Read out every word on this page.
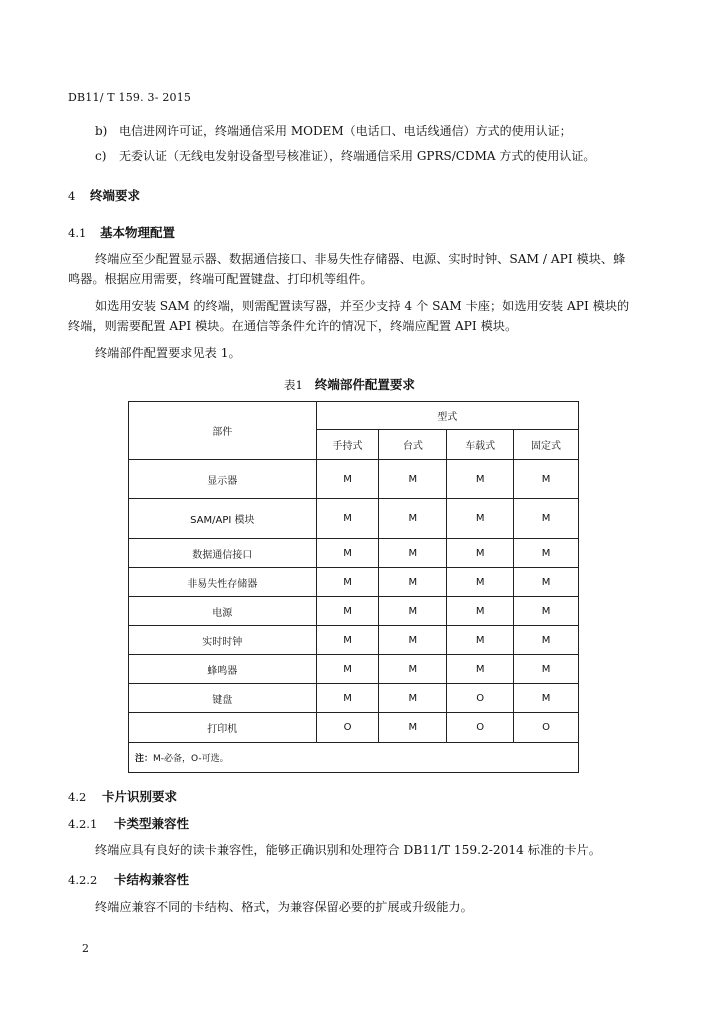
DB11/ T 159. 3- 2015
b) 电信进网许可证，终端通信采用 MODEM（电话口、电话线通信）方式的使用认证；
c) 无委认证（无线电发射设备型号核准证），终端通信采用 GPRS/CDMA 方式的使用认证。
4 终端要求
4.1 基本物理配置
终端应至少配置显示器、数据通信接口、非易失性存储器、电源、实时时钟、SAM / API 模块、蜂
鸣器。根据应用需要，终端可配置键盘、打印机等组件。
如选用安装 SAM 的终端，则需配置读写器，并至少支持 4 个 SAM 卡座；如选用安装 API 模块的
终端，则需要配置 API 模块。在通信等条件允许的情况下，终端应配置 API 模块。
终端部件配置要求见表 1。
表1 终端部件配置要求
部件	型式			
	手持式	台式	车载式	固定式
显示器	M	M	M	M
SAM/API 模块	M	M	M	M
数据通信接口	M	M	M	M
非易失性存储器	M	M	M	M
电源	M	M	M	M
实时时钟	M	M	M	M
蜂鸣器	M	M	M	M
键盘	M	M	O	M
打印机	O	M	O	O
注：M-必备，O-可选。				
4.2 卡片识别要求
4.2.1 卡类型兼容性
终端应具有良好的读卡兼容性，能够正确识别和处理符合 DB11/T 159.2-2014 标准的卡片。
4.2.2 卡结构兼容性
终端应兼容不同的卡结构、格式，为兼容保留必要的扩展或升级能力。
2
